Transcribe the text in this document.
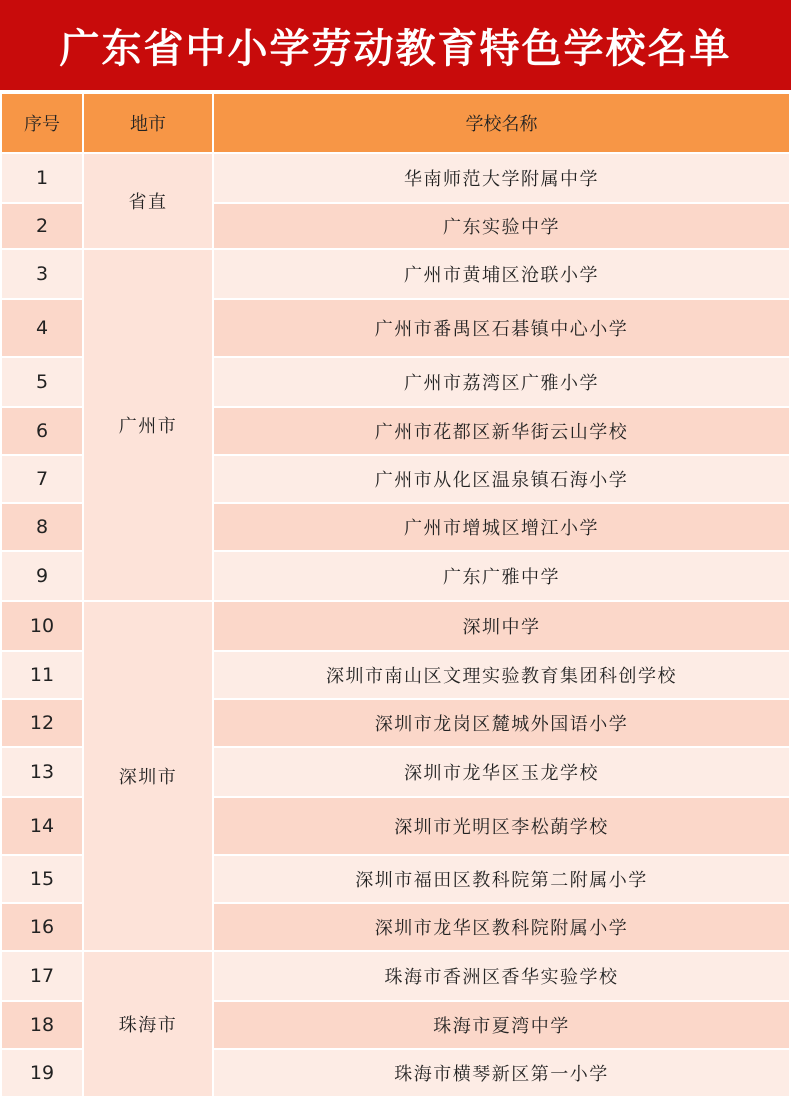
广东省中小学劳动教育特色学校名单
序号	地市	学校名称
1	省直	华南师范大学附属中学
2		广东实验中学
3	广州市	广州市黄埔区沧联小学
4		广州市番禺区石碁镇中心小学
5		广州市荔湾区广雅小学
6		广州市花都区新华街云山学校
7		广州市从化区温泉镇石海小学
8		广州市增城区增江小学
9		广东广雅中学
10	深圳市	深圳中学
11		深圳市南山区文理实验教育集团科创学校
12		深圳市龙岗区麓城外国语小学
13		深圳市龙华区玉龙学校
14		深圳市光明区李松蓢学校
15		深圳市福田区教科院第二附属小学
16		深圳市龙华区教科院附属小学
17	珠海市	珠海市香洲区香华实验学校
18		珠海市夏湾中学
19		珠海市横琴新区第一小学
